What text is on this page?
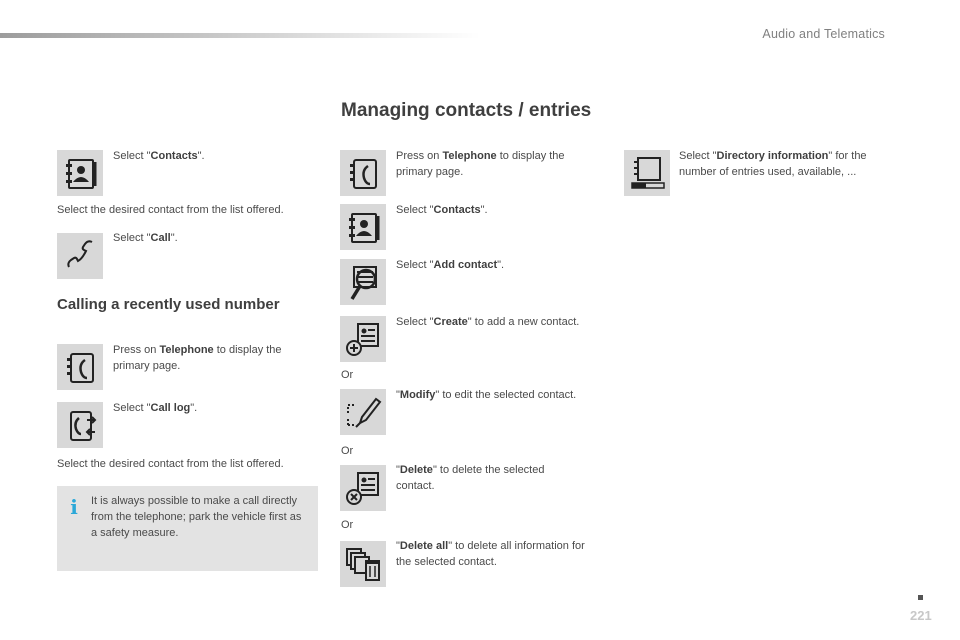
Audio and Telematics
Managing contacts / entries
Select "Contacts".
Select the desired contact from the list offered.
Select "Call".
Calling a recently used number
Press on Telephone to display the primary page.
Select "Call log".
Select the desired contact from the list offered.
i It is always possible to make a call directly from the telephone; park the vehicle first as a safety measure.
Press on Telephone to display the primary page.
Select "Contacts".
Select "Add contact".
Select "Create" to add a new contact.
Or
"Modify" to edit the selected contact.
Or
"Delete" to delete the selected contact.
Or
"Delete all" to delete all information for the selected contact.
Select "Directory information" for the number of entries used, available, ...
221
